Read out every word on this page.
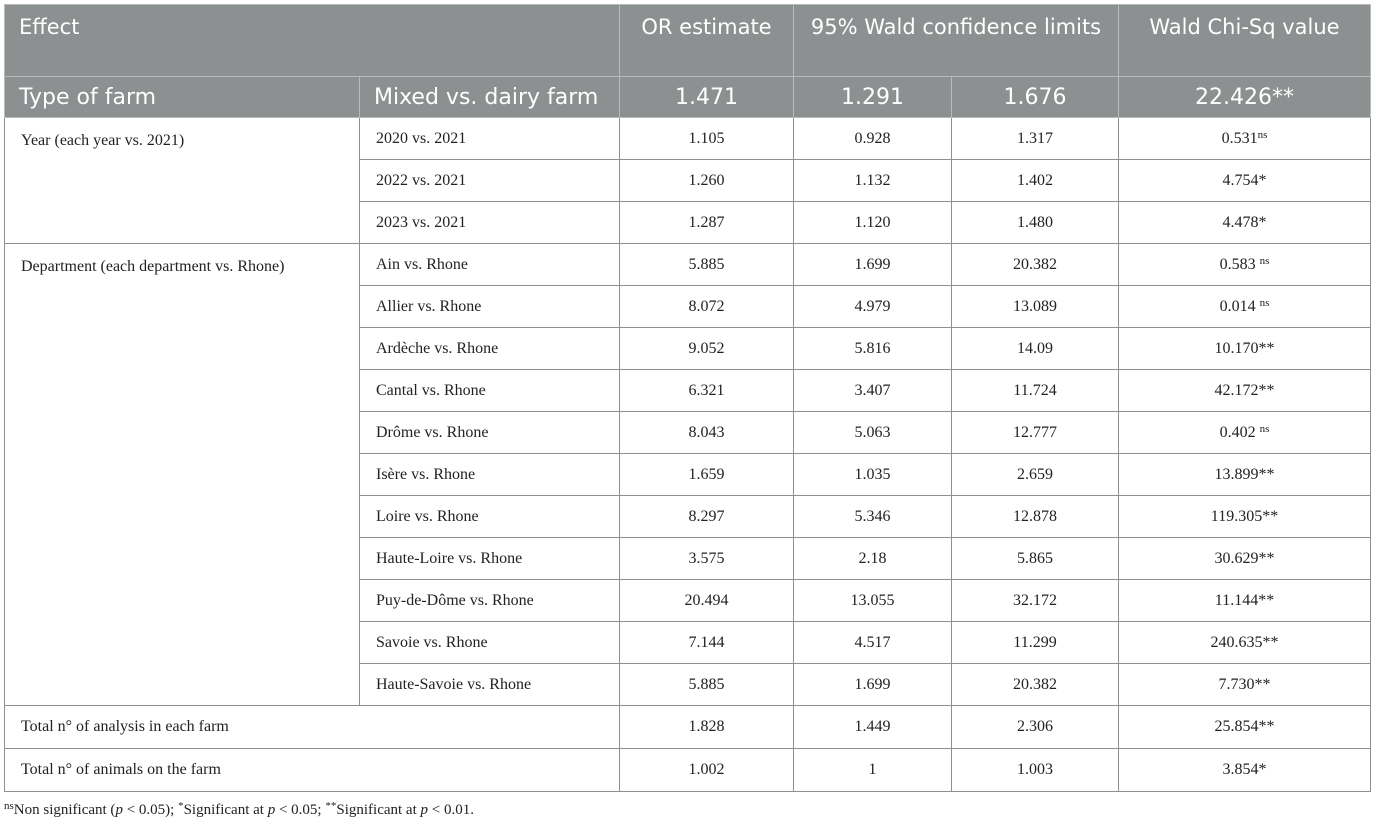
Effect		OR estimate	95% Wald confidence limits		Wald Chi-Sq value
Type of farm	Mixed vs. dairy farm	1.471	1.291	1.676	22.426**
Year (each year vs. 2021)	2020 vs. 2021	1.105	0.928	1.317	$0.531^{ns}$
	2022 vs. 2021	1.260	1.132	1.402	4.754*
	2023 vs. 2021	1.287	1.120	1.480	4.478*
Department (each department vs. Rhone)	Ain vs. Rhone	5.885	1.699	20.382	0.583 $^{ns}$
	Allier vs. Rhone	8.072	4.979	13.089	0.014 $^{ns}$
	Ardèche vs. Rhone	9.052	5.816	14.09	10.170**
	Cantal vs. Rhone	6.321	3.407	11.724	42.172**
	Drôme vs. Rhone	8.043	5.063	12.777	0.402 $^{ns}$
	Isère vs. Rhone	1.659	1.035	2.659	13.899**
	Loire vs. Rhone	8.297	5.346	12.878	119.305**
	Haute-Loire vs. Rhone	3.575	2.18	5.865	30.629**
	Puy-de-Dôme vs. Rhone	20.494	13.055	32.172	11.144**
	Savoie vs. Rhone	7.144	4.517	11.299	240.635**
	Haute-Savoie vs. Rhone	5.885	1.699	20.382	7.730**
Total n° of analysis in each farm		1.828	1.449	2.306	25.854**
Total n° of animals on the farm		1.002	1	1.003	3.854*
$^{ns}$Non significant (p < 0.05); *Significant at p < 0.05; **Significant at p < 0.01.
